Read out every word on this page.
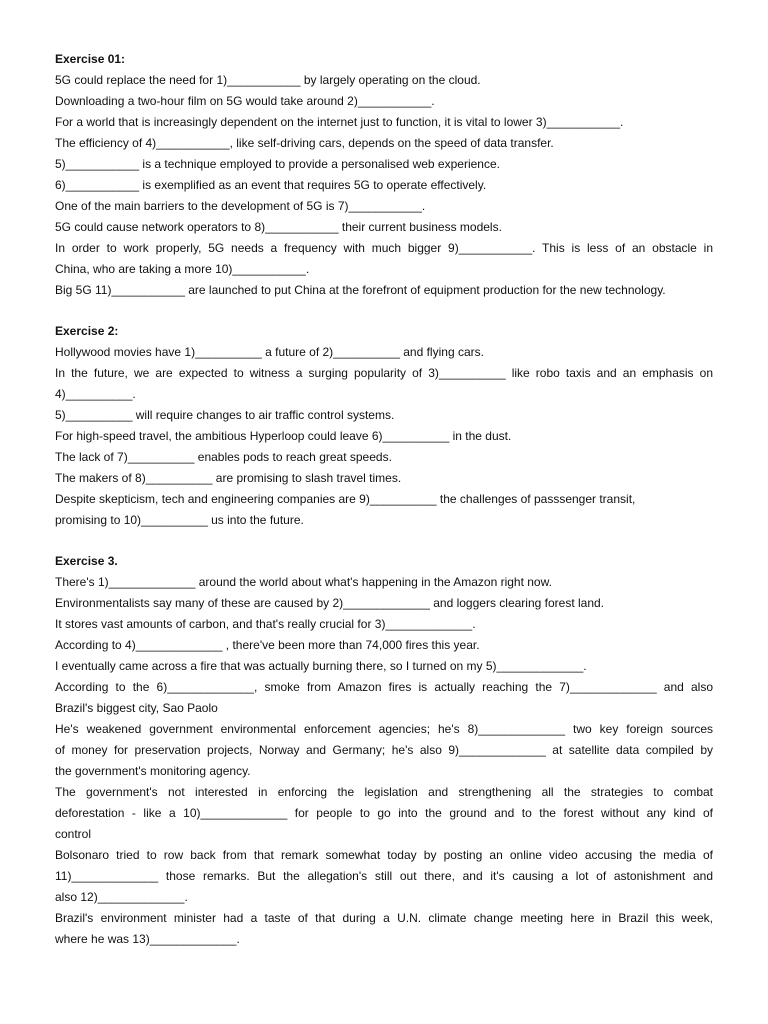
Exercise 01:
5G could replace the need for 1)___________ by largely operating on the cloud.
Downloading a two-hour film on 5G would take around 2)___________.
For a world that is increasingly dependent on the internet just to function, it is vital to lower 3)___________.
The efficiency of 4)___________, like self-driving cars, depends on the speed of data transfer.
5)___________ is a technique employed to provide a personalised web experience.
6)___________ is exemplified as an event that requires 5G to operate effectively.
One of the main barriers to the development of 5G is 7)___________.
5G could cause network operators to 8)___________ their current business models.
In order to work properly, 5G needs a frequency with much bigger 9)___________. This is less of an obstacle in
China, who are taking a more 10)___________.
Big 5G 11)___________ are launched to put China at the forefront of equipment production for the new technology.
Exercise 2:
Hollywood movies have 1)__________ a future of 2)__________ and flying cars.
In the future, we are expected to witness a surging popularity of 3)__________ like robo taxis and an emphasis on
4)__________.
5)__________ will require changes to air traffic control systems.
For high-speed travel, the ambitious Hyperloop could leave 6)__________ in the dust.
The lack of 7)__________ enables pods to reach great speeds.
The makers of 8)__________ are promising to slash travel times.
Despite skepticism, tech and engineering companies are 9)__________ the challenges of passsenger transit,
promising to 10)__________ us into the future.
Exercise 3.
There's 1)_____________ around the world about what's happening in the Amazon right now.
Environmentalists say many of these are caused by 2)_____________ and loggers clearing forest land.
It stores vast amounts of carbon, and that's really crucial for 3)_____________.
According to 4)_____________ , there've been more than 74,000 fires this year.
I eventually came across a fire that was actually burning there, so I turned on my 5)_____________.
According to the 6)_____________, smoke from Amazon fires is actually reaching the 7)_____________ and also
Brazil's biggest city, Sao Paolo
He's weakened government environmental enforcement agencies; he's 8)_____________ two key foreign sources
of money for preservation projects, Norway and Germany; he's also 9)_____________ at satellite data compiled by
the government's monitoring agency.
The government's not interested in enforcing the legislation and strengthening all the strategies to combat
deforestation - like a 10)_____________ for people to go into the ground and to the forest without any kind of
control
Bolsonaro tried to row back from that remark somewhat today by posting an online video accusing the media of
11)_____________ those remarks. But the allegation's still out there, and it's causing a lot of astonishment and
also 12)_____________.
Brazil's environment minister had a taste of that during a U.N. climate change meeting here in Brazil this week,
where he was 13)_____________.
